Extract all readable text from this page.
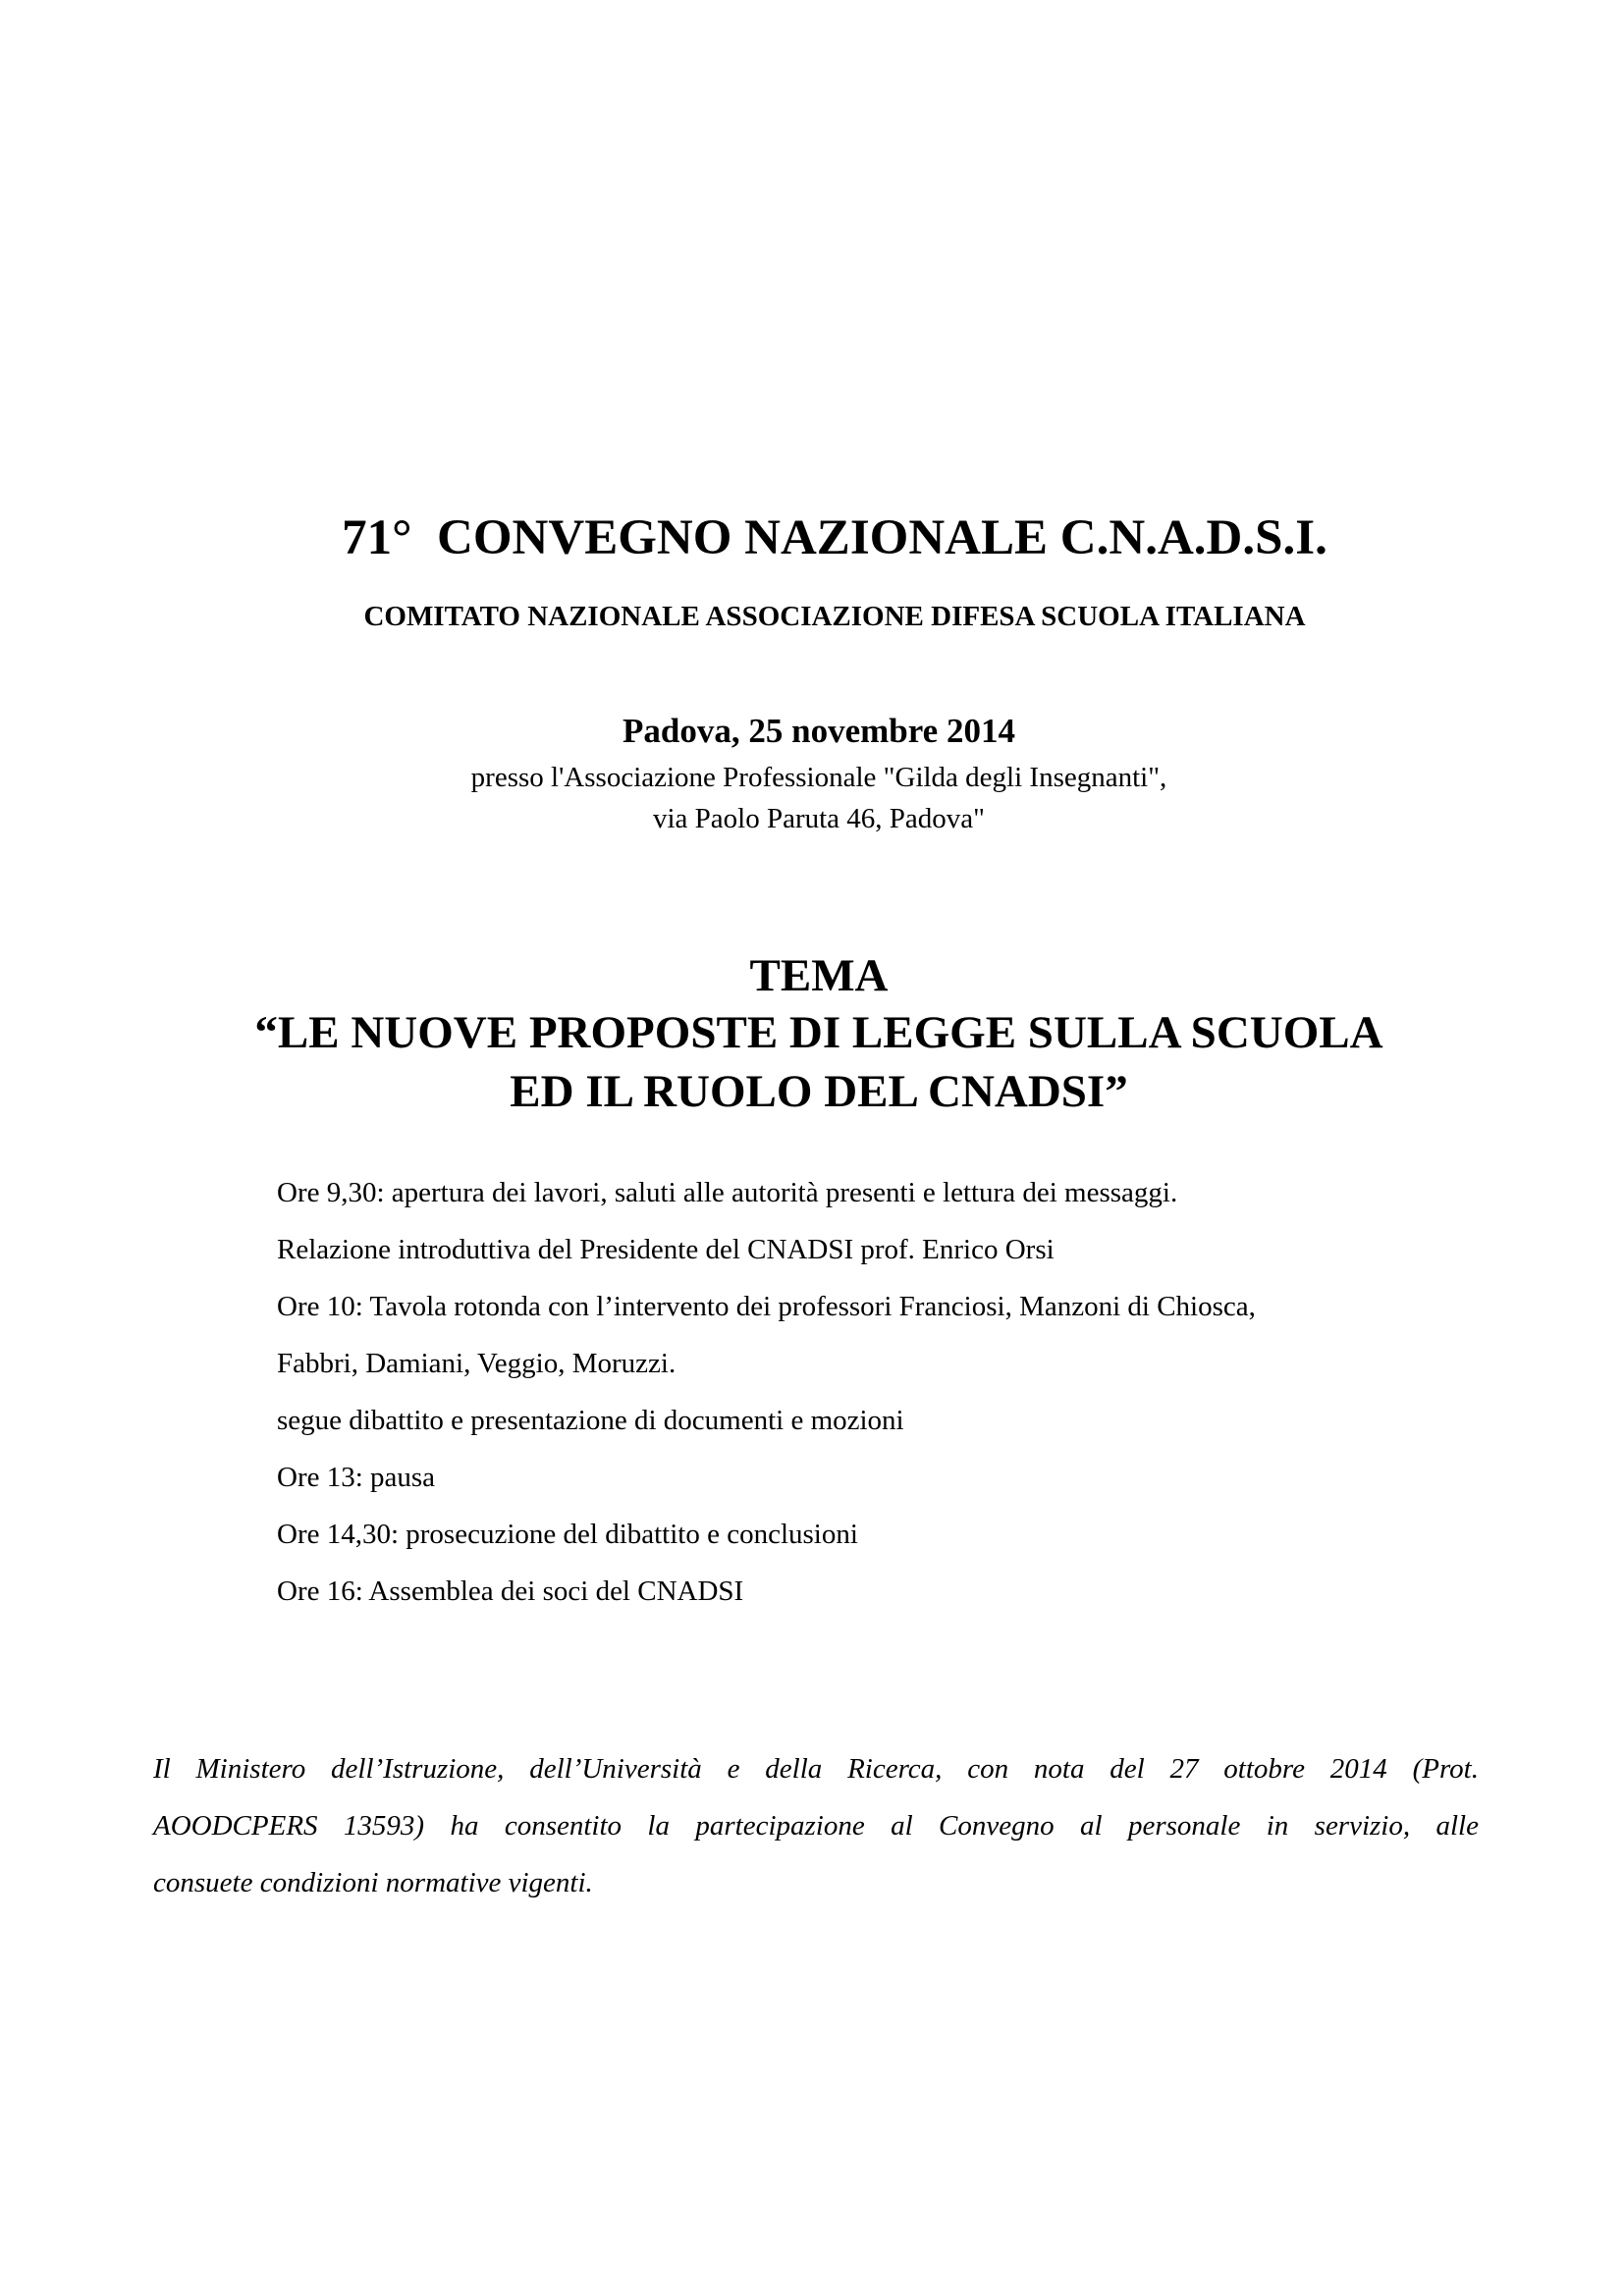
71°  CONVEGNO NAZIONALE C.N.A.D.S.I.
COMITATO NAZIONALE ASSOCIAZIONE DIFESA SCUOLA ITALIANA
Padova, 25 novembre 2014
presso l'Associazione Professionale "Gilda degli Insegnanti",
via Paolo Paruta 46, Padova"
TEMA
“LE NUOVE PROPOSTE DI LEGGE SULLA SCUOLA
ED IL RUOLO DEL CNADSI”
Ore 9,30: apertura dei lavori, saluti alle autorità presenti e lettura dei messaggi.
Relazione introduttiva del Presidente del CNADSI prof. Enrico Orsi
Ore 10: Tavola rotonda con l’intervento dei professori Franciosi, Manzoni di Chiosca,
Fabbri, Damiani, Veggio, Moruzzi.
segue dibattito e presentazione di documenti e mozioni
Ore 13: pausa
Ore 14,30: prosecuzione del dibattito e conclusioni
Ore 16: Assemblea dei soci del CNADSI
Il Ministero dell’Istruzione, dell’Università e della Ricerca, con nota del 27 ottobre 2014 (Prot.
AOODCPERS 13593) ha consentito la partecipazione al Convegno al personale in servizio, alle
consuete condizioni normative vigenti.
